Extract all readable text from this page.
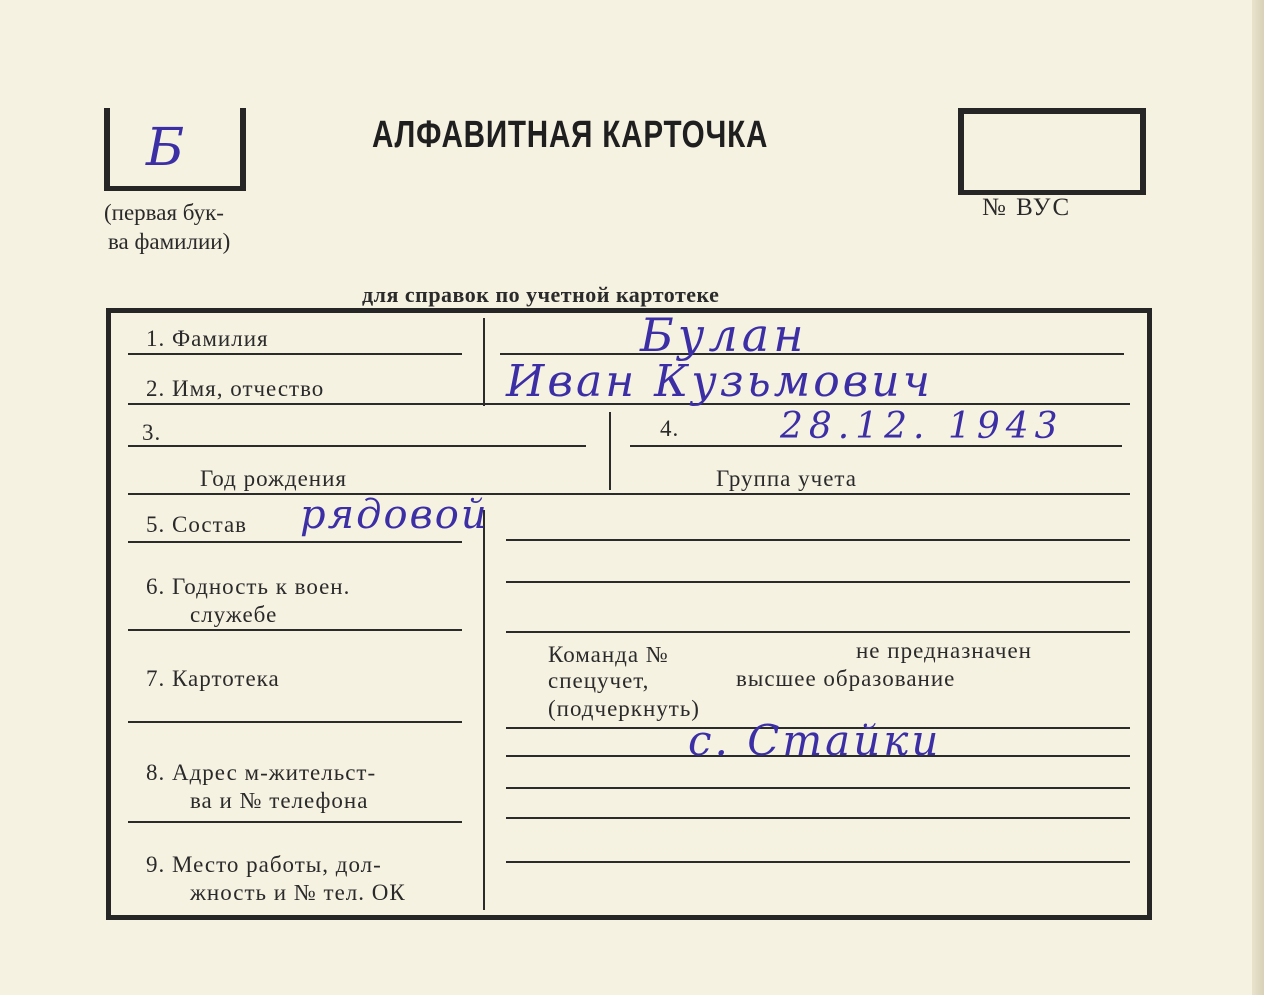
Б
(первая бук-
ва фамилии)
АЛФАВИТНАЯ КАРТОЧКА
№ ВУС
для справок по учетной картотеке
1. Фамилия
2. Имя, отчество
3.
Год рождения
4.
Группа учета
5. Состав
6. Годность к воен.
служебе
7. Картотека
8. Адрес м-жительст-
ва и № телефона
9. Место работы, дол-
жность и № тел. ОК
Команда №	не предназначен
спецучет,	высшее образование
(подчеркнуть)
Булан
Иван Кузьмович
28.12. 1943
рядовой
с. Стайки
